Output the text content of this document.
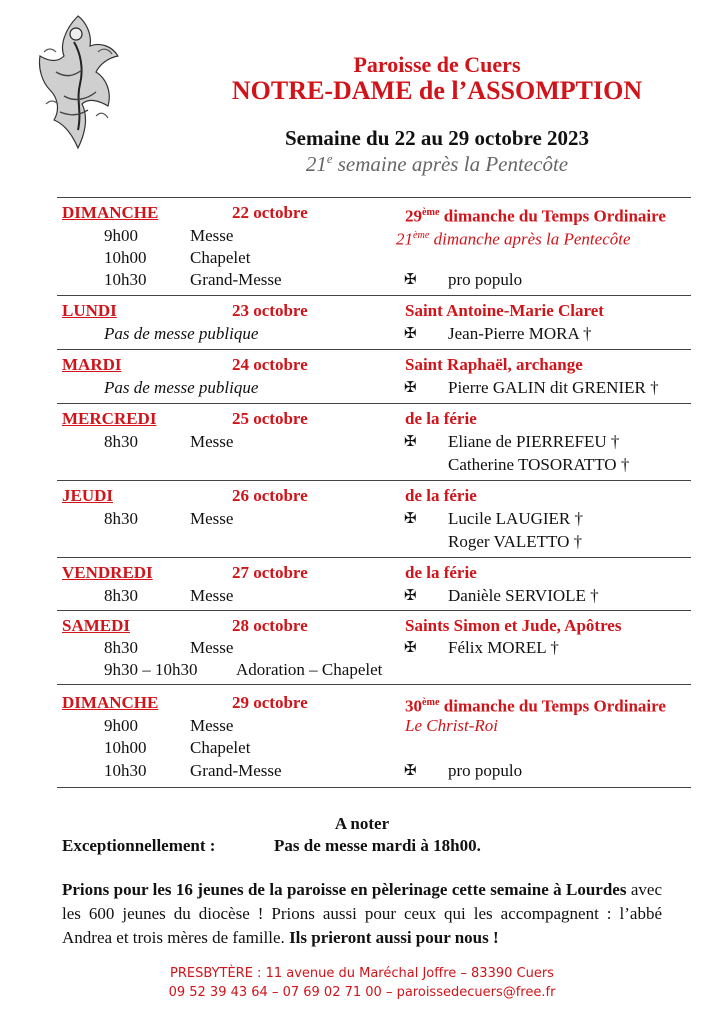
Paroisse de Cuers
NOTRE-DAME de l’ASSOMPTION
Semaine du 22 au 29 octobre 2023
21e semaine après la Pentecôte
DIMANCHE	22 octobre	29ème dimanche du Temps Ordinaire
9h00	Messe	21ème dimanche après la Pentecôte
10h00	Chapelet
10h30	Grand-Messe	✠ pro populo
LUNDI	23 octobre	Saint Antoine-Marie Claret
Pas de messe publique	✠ Jean-Pierre MORA †
MARDI	24 octobre	Saint Raphaël, archange
Pas de messe publique	✠ Pierre GALIN dit GRENIER †
MERCREDI	25 octobre	de la férie
8h30	Messe	✠ Eliane de PIERREFEU †
Catherine TOSORATTO †
JEUDI	26 octobre	de la férie
8h30	Messe	✠ Lucile LAUGIER †
Roger VALETTO †
VENDREDI	27 octobre	de la férie
8h30	Messe	✠ Danièle SERVIOLE †
SAMEDI	28 octobre	Saints Simon et Jude, Apôtres
8h30	Messe	✠ Félix MOREL †
9h30 – 10h30 Adoration – Chapelet
DIMANCHE	29 octobre	30ème dimanche du Temps Ordinaire
9h00	Messe	Le Christ-Roi
10h00	Chapelet
10h30	Grand-Messe	✠ pro populo
A noter
Exceptionnellement :	Pas de messe mardi à 18h00.
Prions pour les 16 jeunes de la paroisse en pèlerinage cette semaine à Lourdes avec les 600 jeunes du diocèse ! Prions aussi pour ceux qui les accompagnent : l’abbé Andrea et trois mères de famille. Ils prieront aussi pour nous !
PRESBYTÈRE : 11 avenue du Maréchal Joffre – 83390 Cuers
09 52 39 43 64 – 07 69 02 71 00 – paroissedecuers@free.fr
